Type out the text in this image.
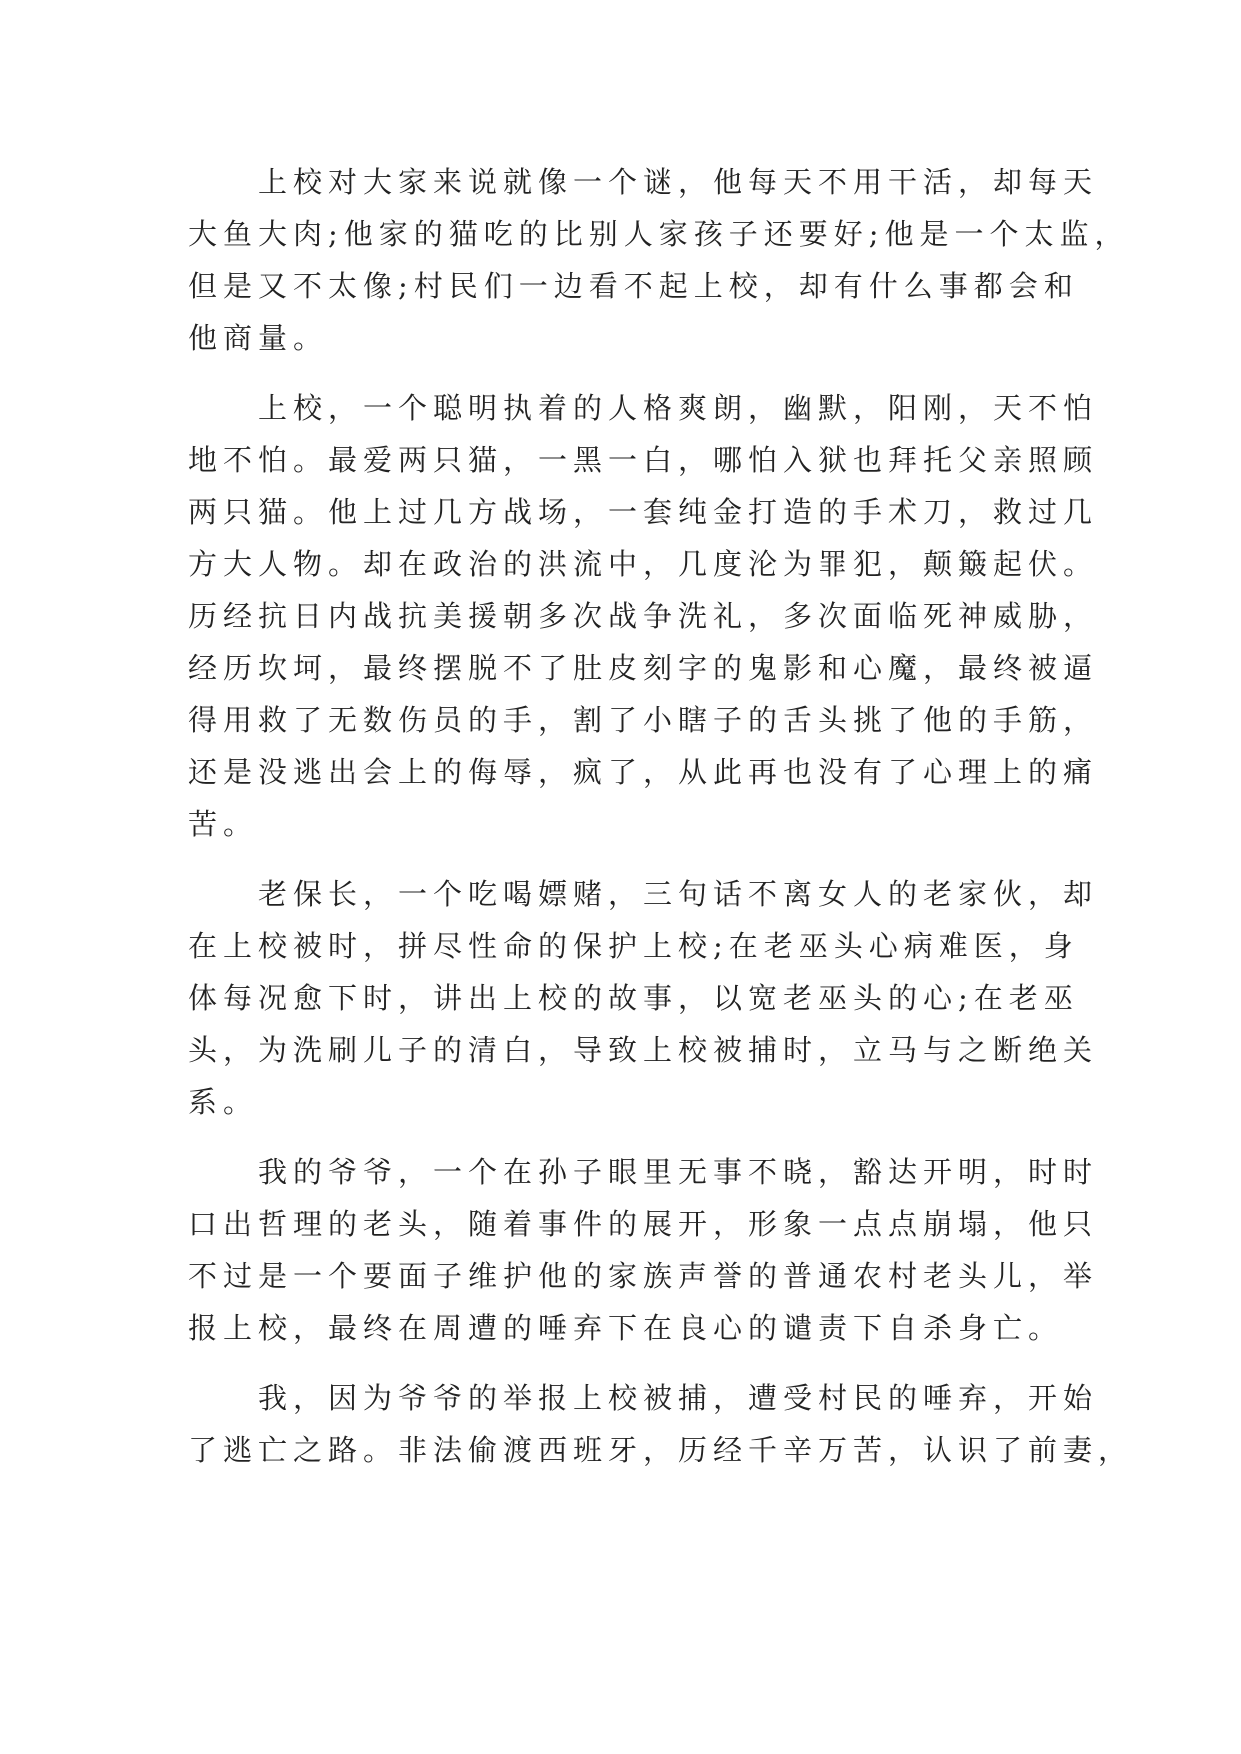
上校对大家来说就像一个谜，他每天不用干活，却每天
大鱼大肉;他家的猫吃的比别人家孩子还要好;他是一个太监，
但是又不太像;村民们一边看不起上校，却有什么事都会和
他商量。
上校，一个聪明执着的人格爽朗，幽默，阳刚，天不怕
地不怕。最爱两只猫，一黑一白，哪怕入狱也拜托父亲照顾
两只猫。他上过几方战场，一套纯金打造的手术刀，救过几
方大人物。却在政治的洪流中，几度沦为罪犯，颠簸起伏。
历经抗日内战抗美援朝多次战争洗礼，多次面临死神威胁，
经历坎坷，最终摆脱不了肚皮刻字的鬼影和心魔，最终被逼
得用救了无数伤员的手，割了小瞎子的舌头挑了他的手筋，
还是没逃出会上的侮辱，疯了，从此再也没有了心理上的痛
苦。
老保长，一个吃喝嫖赌，三句话不离女人的老家伙，却
在上校被时，拼尽性命的保护上校;在老巫头心病难医，身
体每况愈下时，讲出上校的故事，以宽老巫头的心;在老巫
头，为洗刷儿子的清白，导致上校被捕时，立马与之断绝关
系。
我的爷爷，一个在孙子眼里无事不晓，豁达开明，时时
口出哲理的老头，随着事件的展开，形象一点点崩塌，他只
不过是一个要面子维护他的家族声誉的普通农村老头儿，举
报上校，最终在周遭的唾弃下在良心的谴责下自杀身亡。
我，因为爷爷的举报上校被捕，遭受村民的唾弃，开始
了逃亡之路。非法偷渡西班牙，历经千辛万苦，认识了前妻，
